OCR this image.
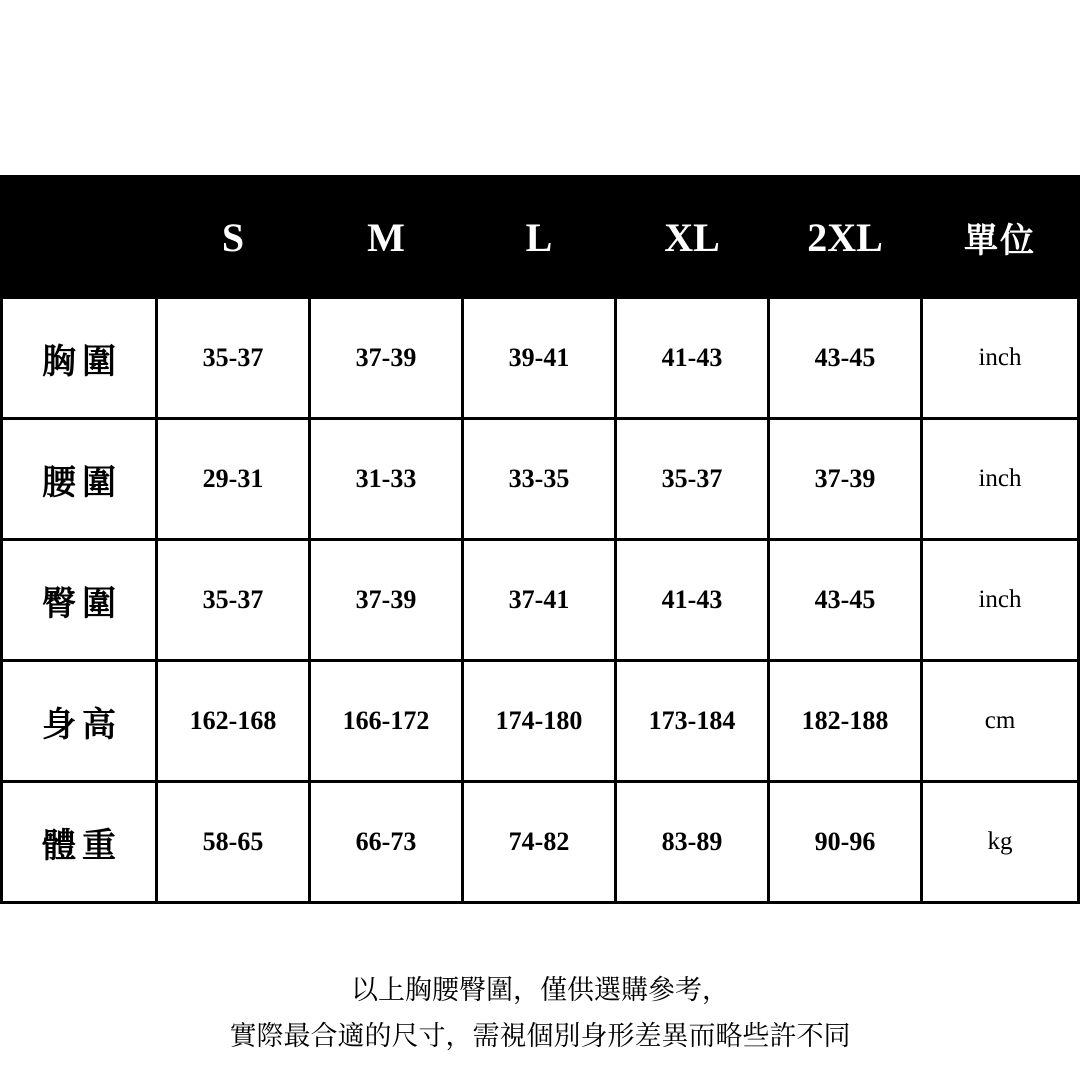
	S	M	L	XL	2XL	單位
胸圍	35-37	37-39	39-41	41-43	43-45	inch
腰圍	29-31	31-33	33-35	35-37	37-39	inch
臀圍	35-37	37-39	37-41	41-43	43-45	inch
身高	162-168	166-172	174-180	173-184	182-188	cm
體重	58-65	66-73	74-82	83-89	90-96	kg
以上胸腰臀圍，僅供選購參考，
實際最合適的尺寸，需視個別身形差異而略些許不同
